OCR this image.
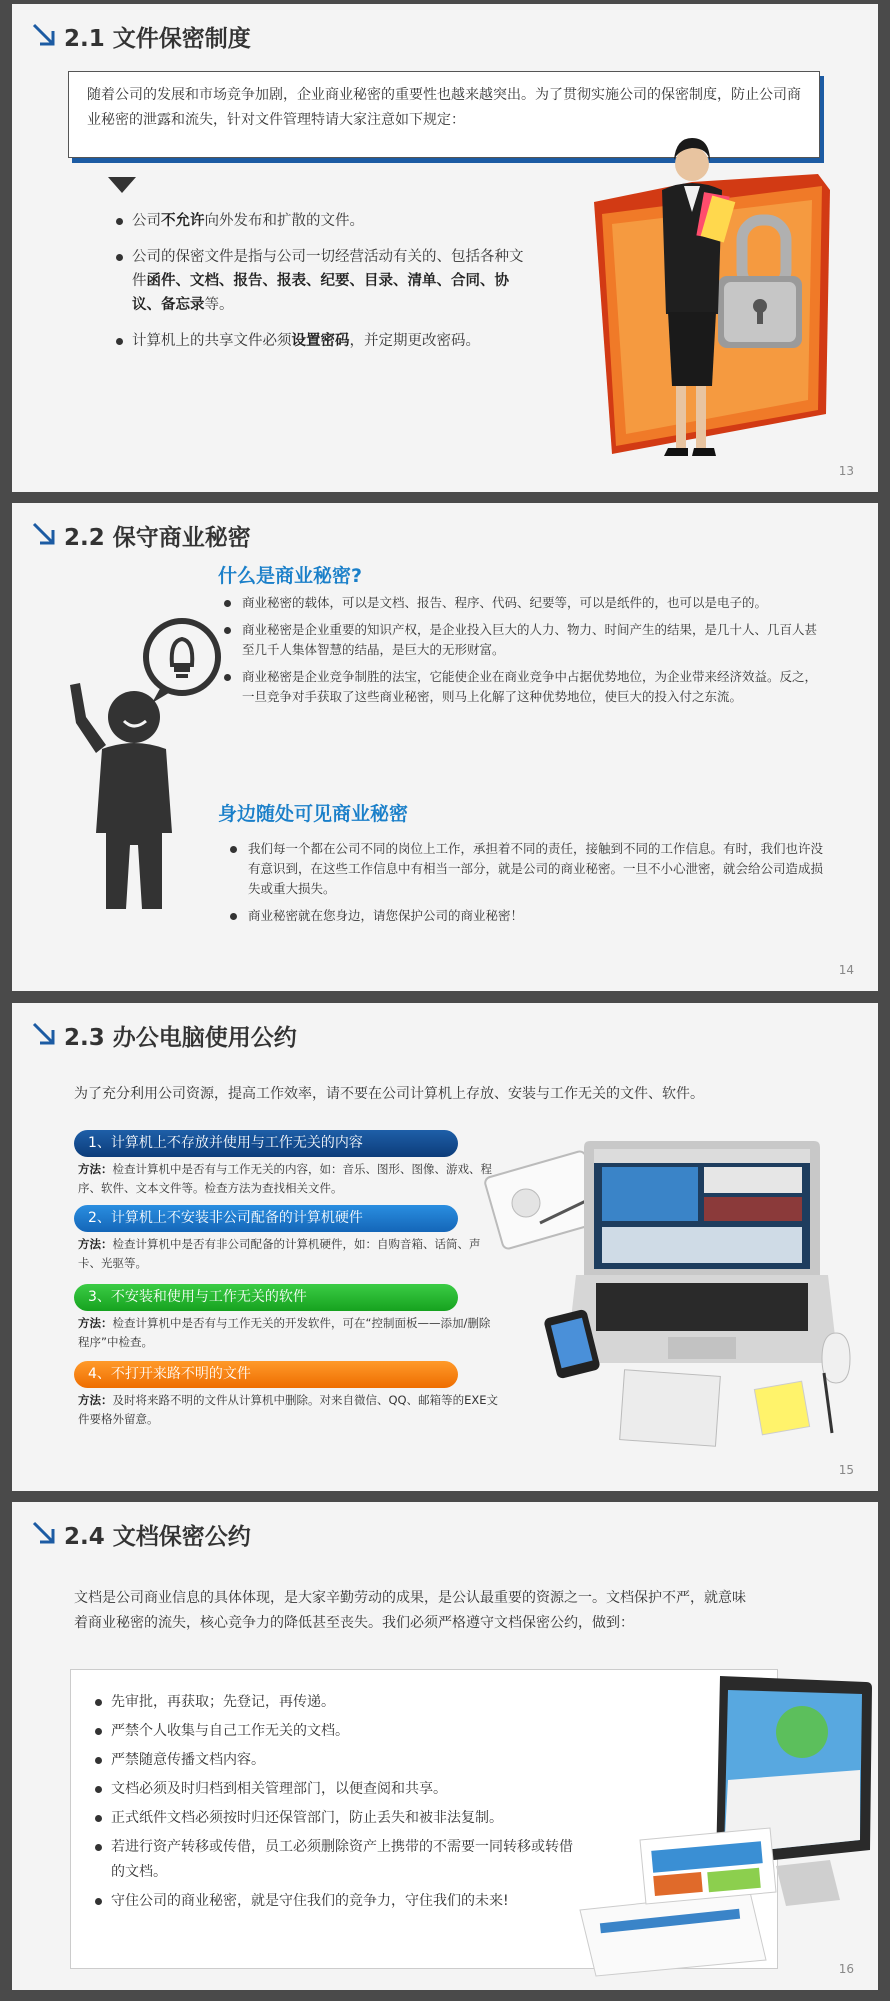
2.1 文件保密制度
随着公司的发展和市场竞争加剧，企业商业秘密的重要性也越来越突出。为了贯彻实施公司的保密制度，防止公司商业秘密的泄露和流失，针对文件管理特请大家注意如下规定：
公司不允许向外发布和扩散的文件。
公司的保密文件是指与公司一切经营活动有关的、包括各种文件函件、文档、报告、报表、纪要、目录、清单、合同、协议、备忘录等。
计算机上的共享文件必须设置密码，并定期更改密码。
13
2.2 保守商业秘密
什么是商业秘密?
商业秘密的载体，可以是文档、报告、程序、代码、纪要等，可以是纸件的，也可以是电子的。
商业秘密是企业重要的知识产权，是企业投入巨大的人力、物力、时间产生的结果，是几十人、几百人甚至几千人集体智慧的结晶，是巨大的无形财富。
商业秘密是企业竞争制胜的法宝，它能使企业在商业竞争中占据优势地位，为企业带来经济效益。反之，一旦竞争对手获取了这些商业秘密，则马上化解了这种优势地位，使巨大的投入付之东流。
身边随处可见商业秘密
我们每一个都在公司不同的岗位上工作，承担着不同的责任，接触到不同的工作信息。有时，我们也许没有意识到，在这些工作信息中有相当一部分，就是公司的商业秘密。一旦不小心泄密，就会给公司造成损失或重大损失。
商业秘密就在您身边，请您保护公司的商业秘密！
14
2.3 办公电脑使用公约
为了充分利用公司资源，提高工作效率，请不要在公司计算机上存放、安装与工作无关的文件、软件。
1、计算机上不存放并使用与工作无关的内容
方法：检查计算机中是否有与工作无关的内容，如：音乐、图形、图像、游戏、程序、软件、文本文件等。检查方法为查找相关文件。
2、计算机上不安装非公司配备的计算机硬件
方法：检查计算机中是否有非公司配备的计算机硬件，如：自购音箱、话筒、声卡、光驱等。
3、不安装和使用与工作无关的软件
方法：检查计算机中是否有与工作无关的开发软件，可在“控制面板——添加/删除程序”中检查。
4、不打开来路不明的文件
方法：及时将来路不明的文件从计算机中删除。对来自微信、QQ、邮箱等的EXE文件要格外留意。
15
2.4 文档保密公约
文档是公司商业信息的具体体现，是大家辛勤劳动的成果，是公认最重要的资源之一。文档保护不严，就意味着商业秘密的流失，核心竞争力的降低甚至丧失。我们必须严格遵守文档保密公约，做到：
先审批，再获取；先登记，再传递。
严禁个人收集与自己工作无关的文档。
严禁随意传播文档内容。
文档必须及时归档到相关管理部门，以便查阅和共享。
正式纸件文档必须按时归还保管部门，防止丢失和被非法复制。
若进行资产转移或传借，员工必须删除资产上携带的不需要一同转移或转借的文档。
守住公司的商业秘密，就是守住我们的竞争力，守住我们的未来!
16
